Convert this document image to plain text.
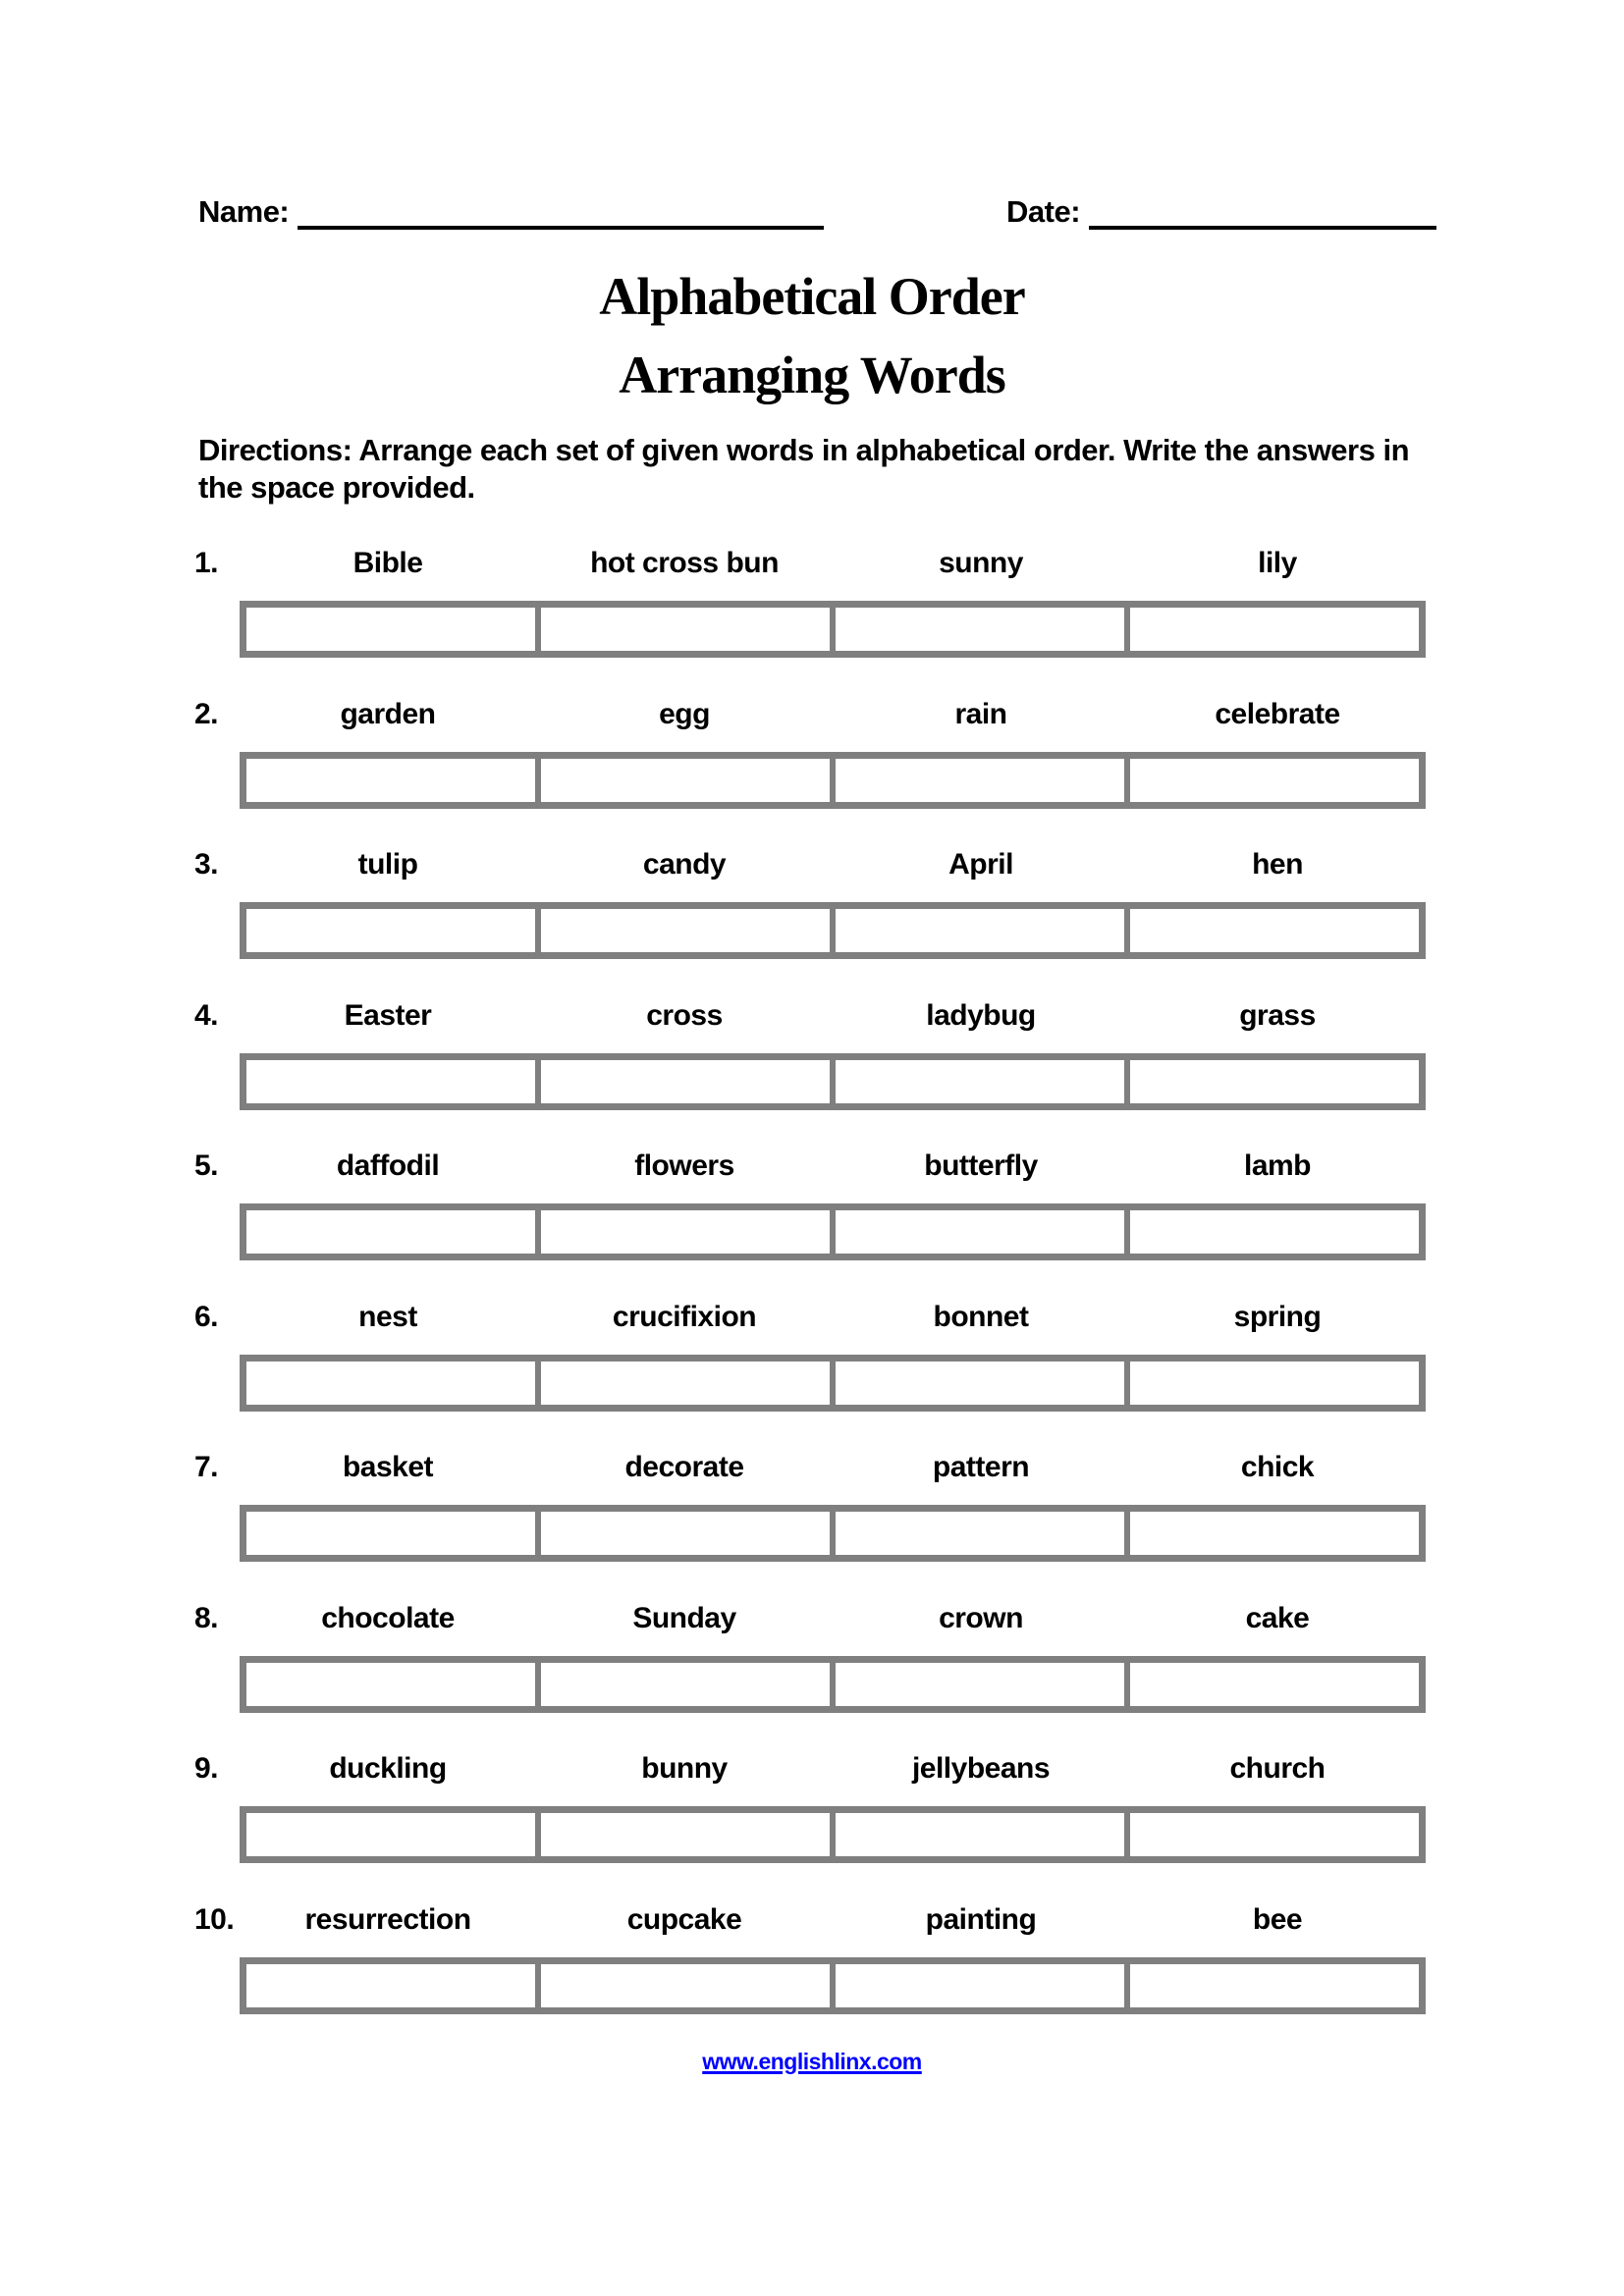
Name:	Date:
Alphabetical Order
Arranging Words
Directions: Arrange each set of given words in alphabetical order. Write the answers in the space provided.
1.	Bible	hot cross bun	sunny	lily
2.	garden	egg	rain	celebrate
3.	tulip	candy	April	hen
4.	Easter	cross	ladybug	grass
5.	daffodil	flowers	butterfly	lamb
6.	nest	crucifixion	bonnet	spring
7.	basket	decorate	pattern	chick
8.	chocolate	Sunday	crown	cake
9.	duckling	bunny	jellybeans	church
10.	resurrection	cupcake	painting	bee
www.englishlinx.com
